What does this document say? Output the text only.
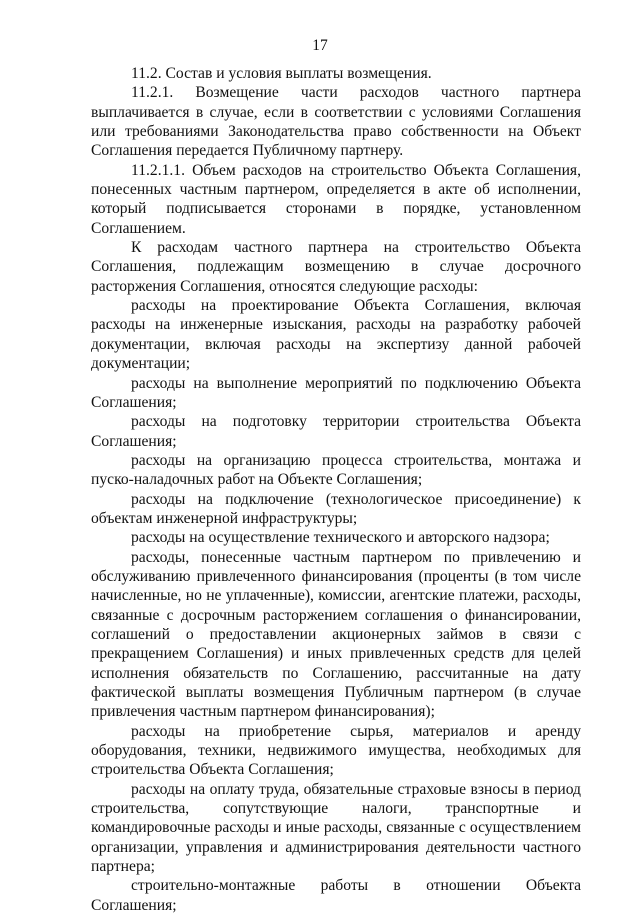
17

11.2. Состав и условия выплаты возмещения.

11.2.1. Возмещение части расходов частного партнера выплачивается в случае, если в соответствии с условиями Соглашения или требованиями Законодательства право собственности на Объект Соглашения передается Публичному партнеру.

11.2.1.1. Объем расходов на строительство Объекта Соглашения, понесенных частным партнером, определяется в акте об исполнении, который подписывается сторонами в порядке, установленном Соглашением.

К расходам частного партнера на строительство Объекта Соглашения, подлежащим возмещению в случае досрочного расторжения Соглашения, относятся следующие расходы:

расходы на проектирование Объекта Соглашения, включая расходы на инженерные изыскания, расходы на разработку рабочей документации, включая расходы на экспертизу данной рабочей документации;

расходы на выполнение мероприятий по подключению Объекта Соглашения;

расходы на подготовку территории строительства Объекта Соглашения;

расходы на организацию процесса строительства, монтажа и пуско-наладочных работ на Объекте Соглашения;

расходы на подключение (технологическое присоединение) к объектам инженерной инфраструктуры;

расходы на осуществление технического и авторского надзора;

расходы, понесенные частным партнером по привлечению и обслуживанию привлеченного финансирования (проценты (в том числе начисленные, но не уплаченные), комиссии, агентские платежи, расходы, связанные с досрочным расторжением соглашения о финансировании, соглашений о предоставлении акционерных займов в связи с прекращением Соглашения) и иных привлеченных средств для целей исполнения обязательств по Соглашению, рассчитанные на дату фактической выплаты возмещения Публичным партнером (в случае привлечения частным партнером финансирования);

расходы на приобретение сырья, материалов и аренду оборудования, техники, недвижимого имущества, необходимых для строительства Объекта Соглашения;

расходы на оплату труда, обязательные страховые взносы в период строительства, сопутствующие налоги, транспортные и командировочные расходы и иные расходы, связанные с осуществлением организации, управления и администрирования деятельности частного партнера;

строительно-монтажные работы в отношении Объекта Соглашения;
